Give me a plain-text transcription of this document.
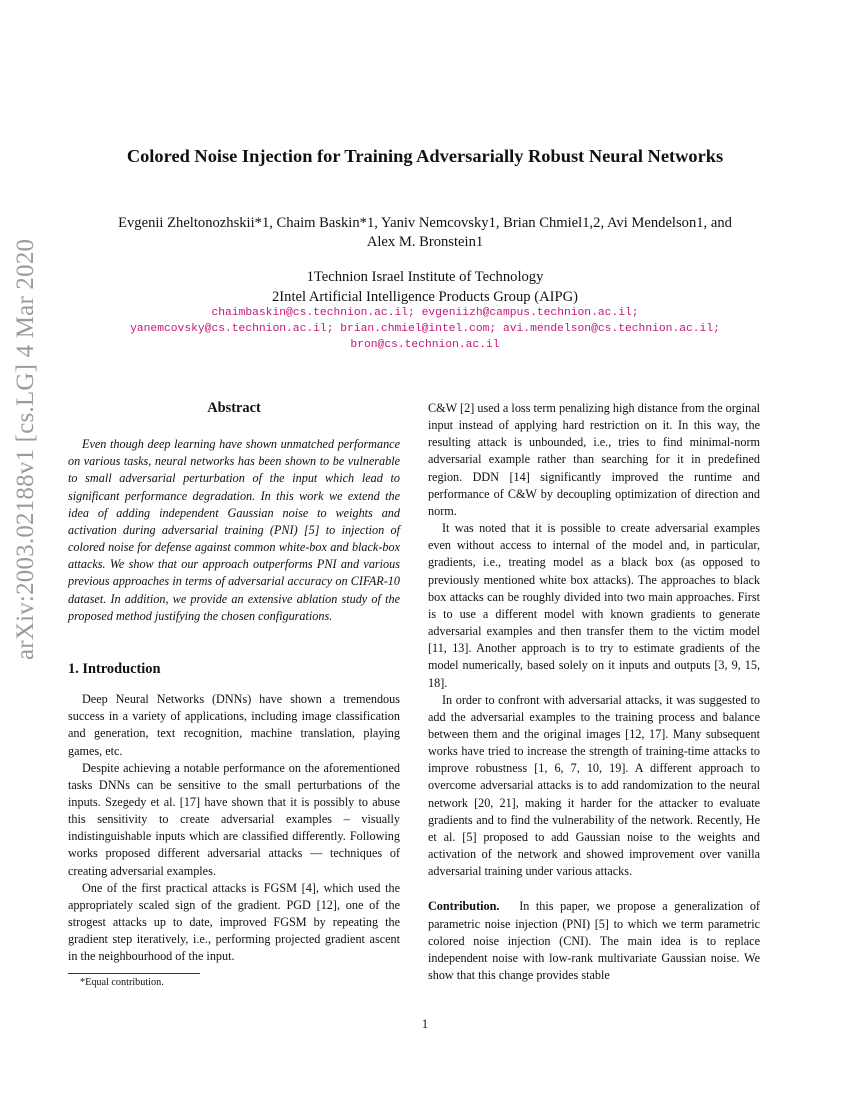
arXiv:2003.02188v1 [cs.LG] 4 Mar 2020
Colored Noise Injection for Training Adversarially Robust Neural Networks
Evgenii Zheltonozhskii*1, Chaim Baskin*1, Yaniv Nemcovsky1, Brian Chmiel1,2, Avi Mendelson1, and
Alex M. Bronstein1
1Technion Israel Institute of Technology
2Intel Artificial Intelligence Products Group (AIPG)
chaimbaskin@cs.technion.ac.il; evgeniizh@campus.technion.ac.il;
yanemcovsky@cs.technion.ac.il; brian.chmiel@intel.com; avi.mendelson@cs.technion.ac.il;
bron@cs.technion.ac.il

Abstract

Even though deep learning have shown unmatched performance on various tasks, neural networks has been shown to be vulnerable to small adversarial perturbation of the input which lead to significant performance degradation. In this work we extend the idea of adding independent Gaussian noise to weights and activation during adversarial training (PNI) [5] to injection of colored noise for defense against common white-box and black-box attacks. We show that our approach outperforms PNI and various previous approaches in terms of adversarial accuracy on CIFAR-10 dataset. In addition, we provide an extensive ablation study of the proposed method justifying the chosen configurations.

1. Introduction

Deep Neural Networks (DNNs) have shown a tremendous success in a variety of applications, including image classification and generation, text recognition, machine translation, playing games, etc.

Despite achieving a notable performance on the aforementioned tasks DNNs can be sensitive to the small perturbations of the inputs. Szegedy et al. [17] have shown that it is possibly to abuse this sensitivity to create adversarial examples – visually indistinguishable inputs which are classified differently. Following works proposed different adversarial attacks — techniques of creating adversarial examples.

One of the first practical attacks is FGSM [4], which used the appropriately scaled sign of the gradient. PGD [12], one of the strogest attacks up to date, improved FGSM by repeating the gradient step iteratively, i.e., performing projected gradient ascent in the neighbourhood of the input.

C&W [2] used a loss term penalizing high distance from the orginal input instead of applying hard restriction on it. In this way, the resulting attack is unbounded, i.e., tries to find minimal-norm adversarial example rather than searching for it in predefined region. DDN [14] significantly improved the runtime and performance of C&W by decoupling optimization of direction and norm.

It was noted that it is possible to create adversarial examples even without access to internal of the model and, in particular, gradients, i.e., treating model as a black box (as opposed to previously mentioned white box attacks). The approaches to black box attacks can be roughly divided into two main approaches. First is to use a different model with known gradients to generate adversarial examples and then transfer them to the victim model [11, 13]. Another approach is to try to estimate gradients of the model numerically, based solely on it inputs and outputs [3, 9, 15, 18].

In order to confront with adversarial attacks, it was suggested to add the adversarial examples to the training process and balance between them and the original images [12, 17]. Many subsequent works have tried to increase the strength of training-time attacks to improve robustness [1, 6, 7, 10, 19]. A different approach to overcome adversarial attacks is to add randomization to the neural network [20, 21], making it harder for the attacker to evaluate gradients and to find the vulnerability of the network. Recently, He et al. [5] proposed to add Gaussian noise to the weights and activation of the network and showed improvement over vanilla adversarial training under various attacks.

Contribution. In this paper, we propose a generalization of parametric noise injection (PNI) [5] to which we term parametric colored noise injection (CNI). The main idea is to replace independent noise with low-rank multivariate Gaussian noise. We show that this change provides stable

*Equal contribution.
1
